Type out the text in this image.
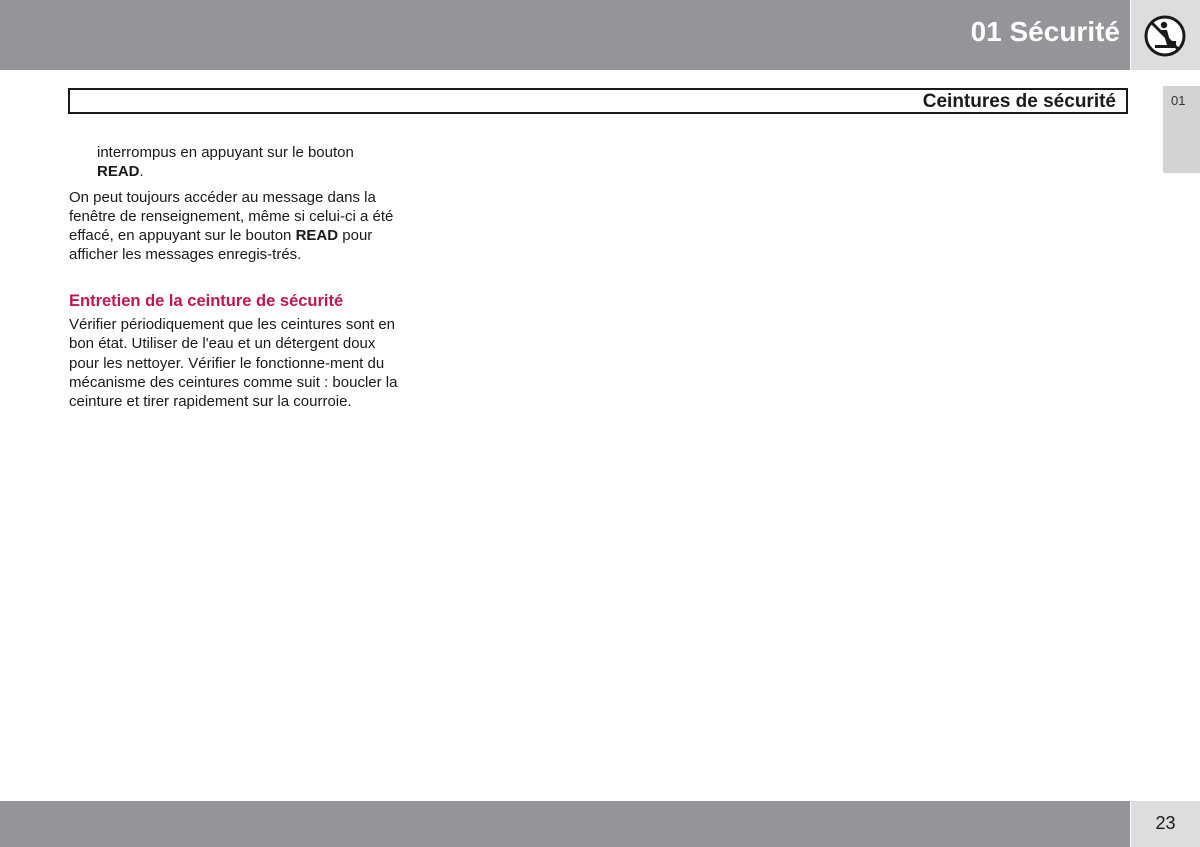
01 Sécurité
Ceintures de sécurité	01

interrompus en appuyant sur le bouton
READ.

On peut toujours accéder au message dans la fenêtre de renseignement, même si celui-ci a été effacé, en appuyant sur le bouton READ pour afficher les messages enregis-trés.

Entretien de la ceinture de sécurité

Vérifier périodiquement que les ceintures sont en bon état. Utiliser de l'eau et un détergent doux pour les nettoyer. Vérifier le fonctionne-ment du mécanisme des ceintures comme suit : boucler la ceinture et tirer rapidement sur la courroie.

23
